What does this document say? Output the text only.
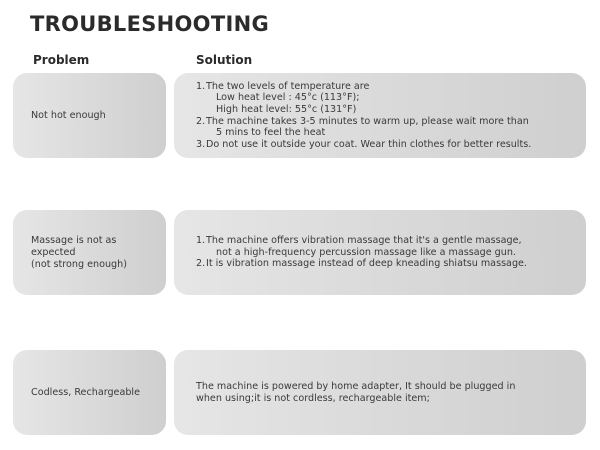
TROUBLESHOOTING
Problem	Solution
Not hot enough
1. The two levels of temperature are
Low heat level : 45°c (113°F);
High heat level: 55°c (131°F)
2. The machine takes 3-5 minutes to warm up, please wait more than
5 mins to feel the heat
3. Do not use it outside your coat. Wear thin clothes for better results.
Massage is not as expected
(not strong enough)
1. The machine offers vibration massage that it's a gentle massage,
not a high-frequency percussion massage like a massage gun.
2. It is vibration massage instead of deep kneading shiatsu massage.
Codless, Rechargeable
The machine is powered by home adapter, It should be plugged in
when using;it is not cordless, rechargeable item;
